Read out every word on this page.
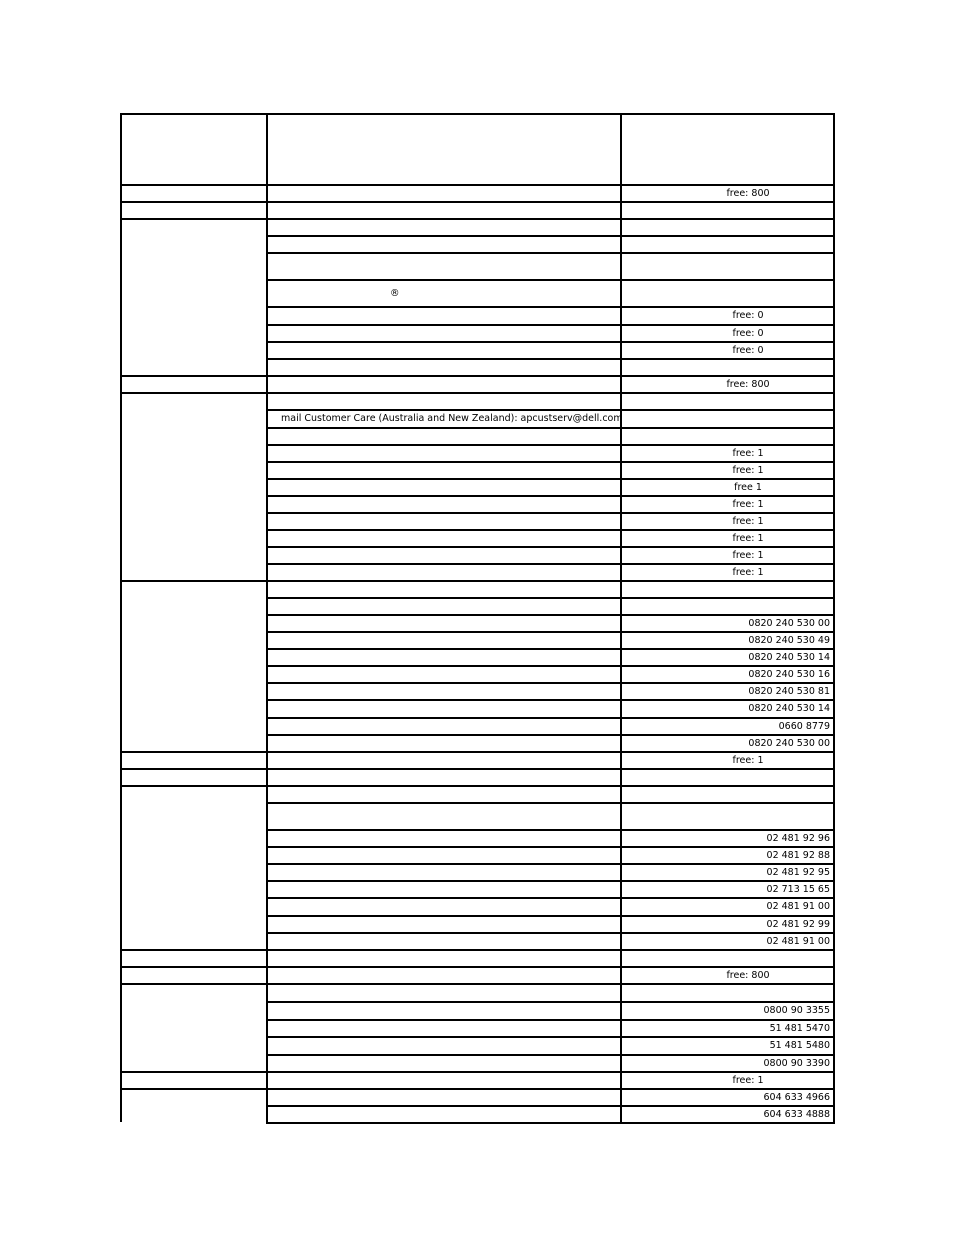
free: 800
®
free: 0
free: 0
free: 0
free: 800
mail Customer Care (Australia and New Zealand): apcustserv@dell.com
free: 1
free: 1
free 1
free: 1
free: 1
free: 1
free: 1
free: 1
0820 240 530 00
0820 240 530 49
0820 240 530 14
0820 240 530 16
0820 240 530 81
0820 240 530 14
0660 8779
0820 240 530 00
free: 1
02 481 92 96
02 481 92 88
02 481 92 95
02 713 15 65
02 481 91 00
02 481 92 99
02 481 91 00
free: 800
0800 90 3355
51 481 5470
51 481 5480
0800 90 3390
free: 1
604 633 4966
604 633 4888
